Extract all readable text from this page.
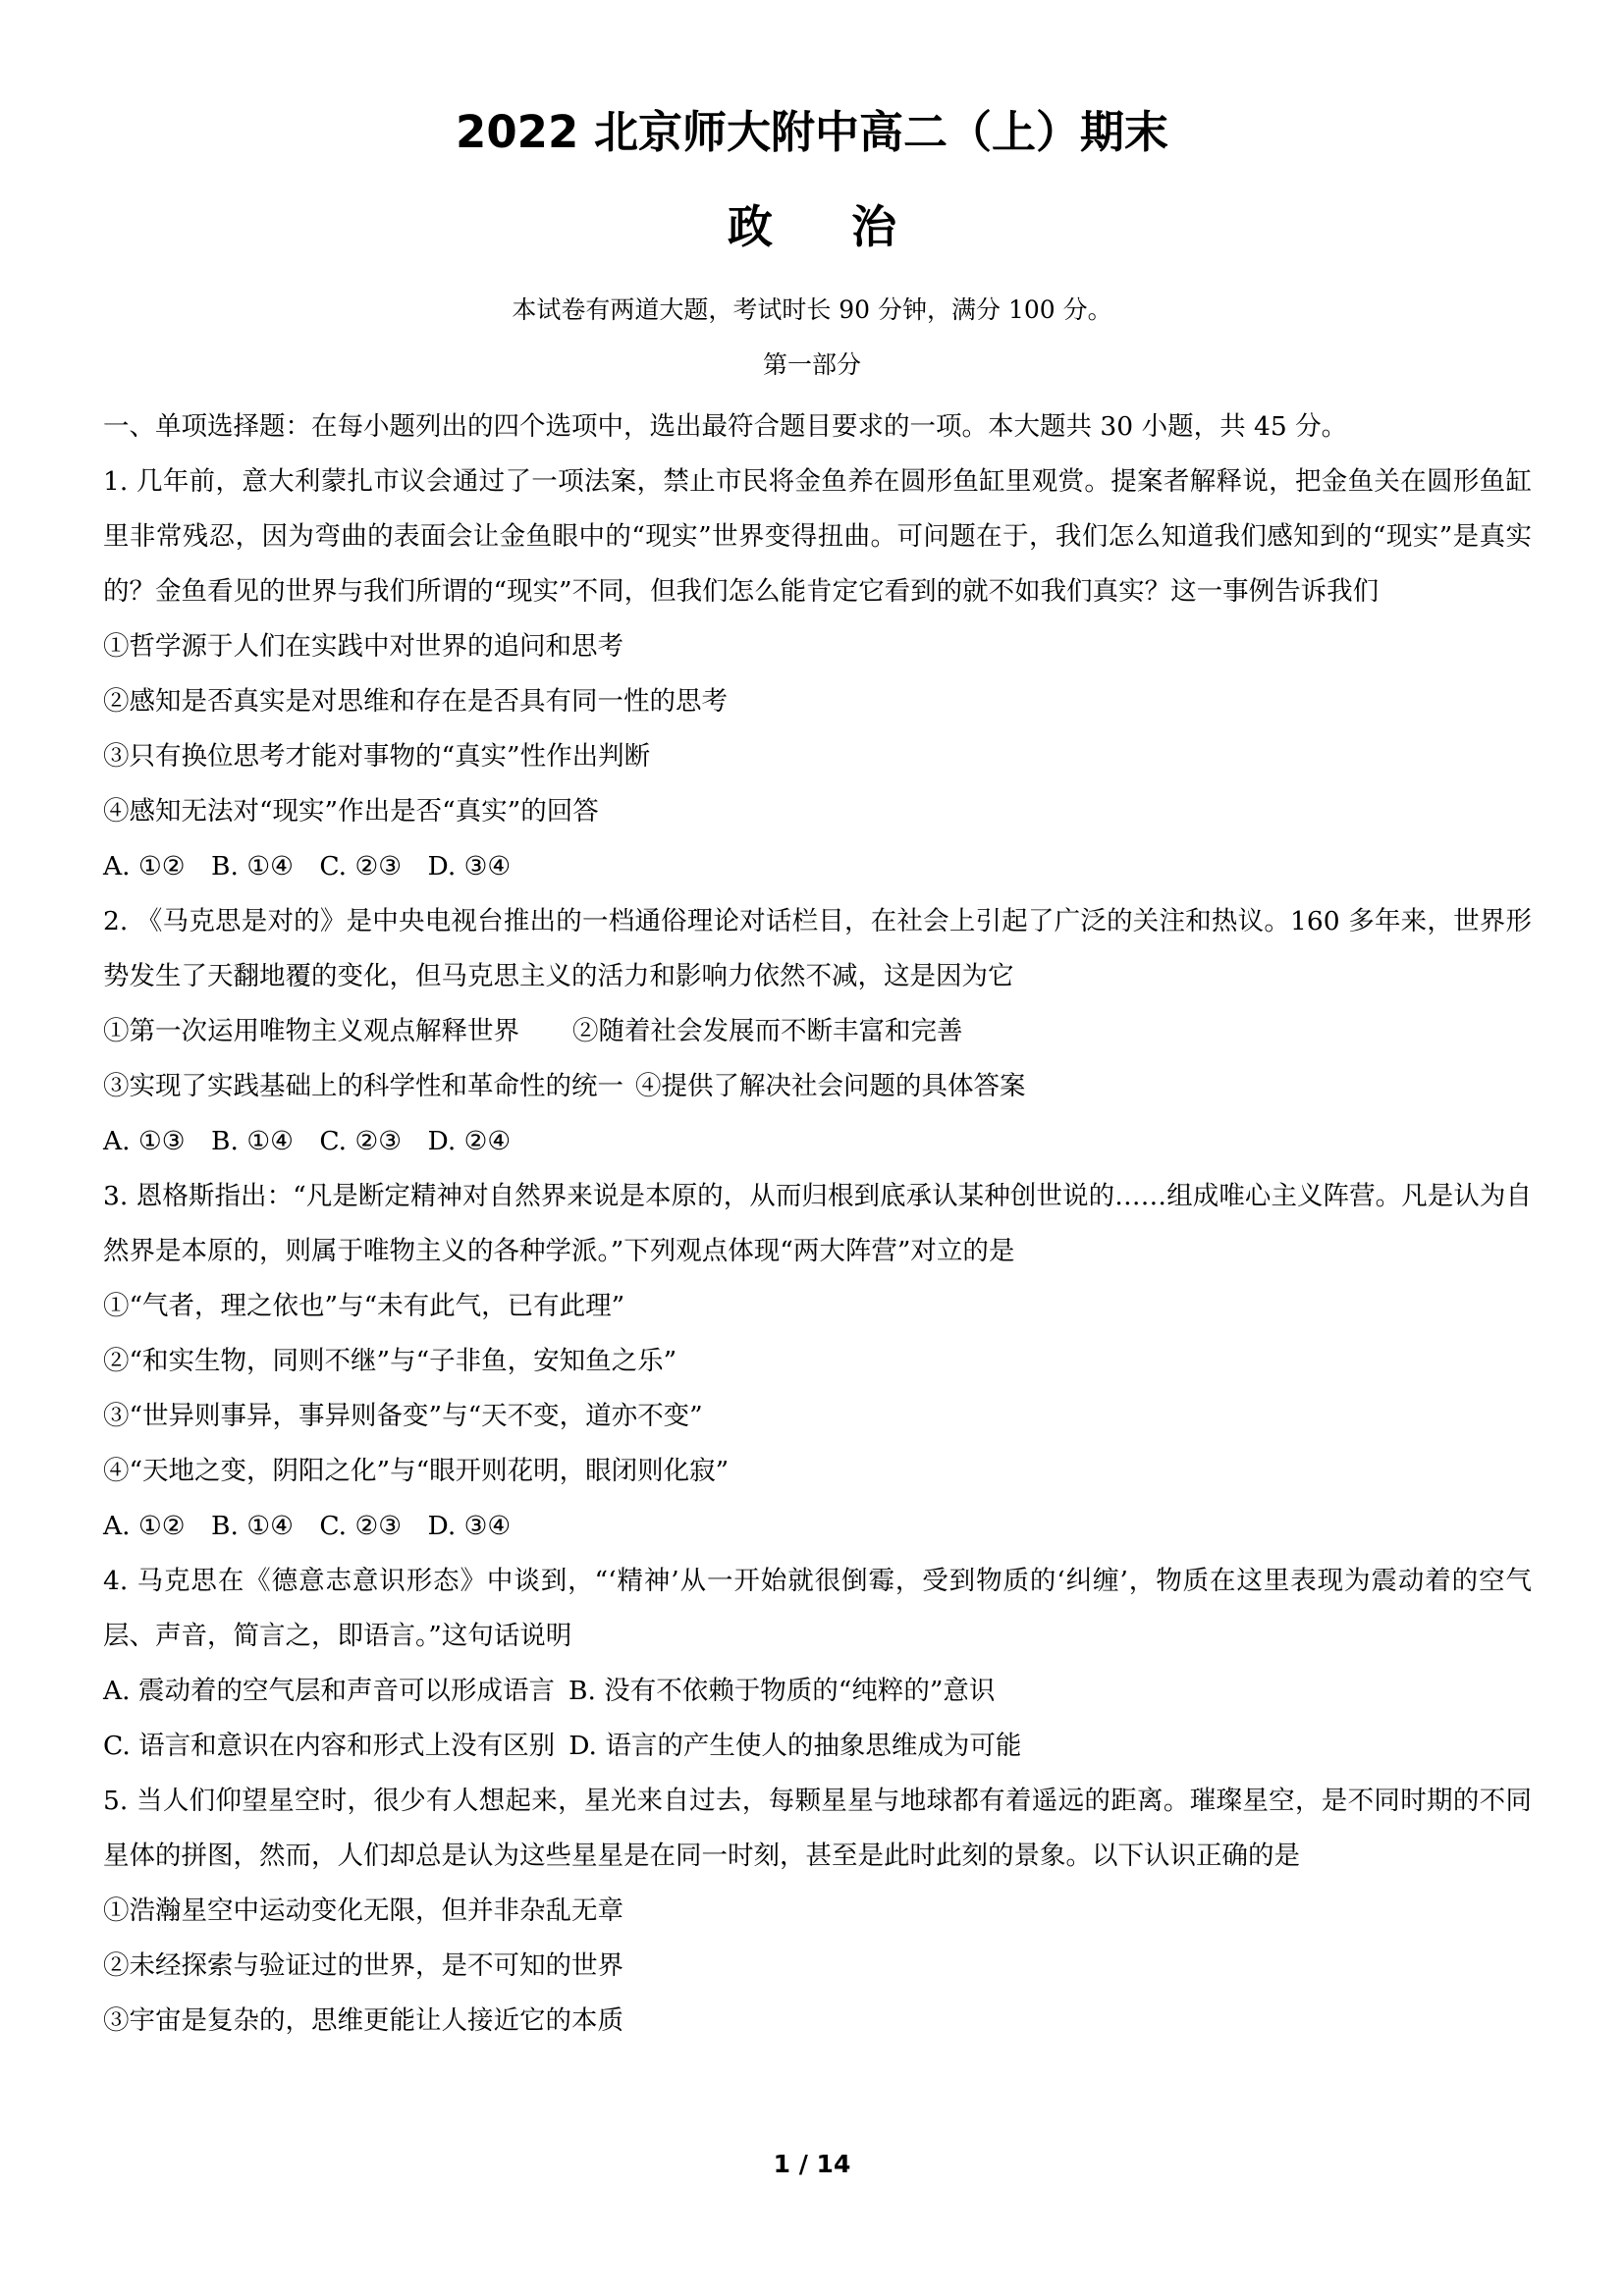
2022 北京师大附中高二（上）期末
政治
本试卷有两道大题，考试时长 90 分钟，满分 100 分。
第一部分

一、单项选择题：在每小题列出的四个选项中，选出最符合题目要求的一项。本大题共 30 小题，共 45 分。

1. 几年前，意大利蒙扎市议会通过了一项法案，禁止市民将金鱼养在圆形鱼缸里观赏。提案者解释说，把金鱼关在圆形鱼缸里非常残忍，因为弯曲的表面会让金鱼眼中的“现实”世界变得扭曲。可问题在于，我们怎么知道我们感知到的“现实”是真实的？金鱼看见的世界与我们所谓的“现实”不同，但我们怎么能肯定它看到的就不如我们真实？这一事例告诉我们

①哲学源于人们在实践中对世界的追问和思考

②感知是否真实是对思维和存在是否具有同一性的思考

③只有换位思考才能对事物的“真实”性作出判断

④感知无法对“现实”作出是否“真实”的回答

A. ①②　B. ①④　C. ②③　D. ③④

2. 《马克思是对的》是中央电视台推出的一档通俗理论对话栏目，在社会上引起了广泛的关注和热议。160 多年来，世界形势发生了天翻地覆的变化，但马克思主义的活力和影响力依然不减，这是因为它

①第一次运用唯物主义观点解释世界 ②随着社会发展而不断丰富和完善

③实现了实践基础上的科学性和革命性的统一 ④提供了解决社会问题的具体答案

A. ①③　B. ①④　C. ②③　D. ②④

3. 恩格斯指出：“凡是断定精神对自然界来说是本原的，从而归根到底承认某种创世说的……组成唯心主义阵营。凡是认为自然界是本原的，则属于唯物主义的各种学派。”下列观点体现“两大阵营”对立的是

①“气者，理之依也”与“未有此气，已有此理”

②“和实生物，同则不继”与“子非鱼，安知鱼之乐”

③“世异则事异，事异则备变”与“天不变，道亦不变”

④“天地之变，阴阳之化”与“眼开则花明，眼闭则化寂”

A. ①②　B. ①④　C. ②③　D. ③④

4. 马克思在《德意志意识形态》中谈到，“‘精神’从一开始就很倒霉，受到物质的‘纠缠’，物质在这里表现为震动着的空气层、声音，简言之，即语言。”这句话说明

A. 震动着的空气层和声音可以形成语言 B. 没有不依赖于物质的“纯粹的”意识

C. 语言和意识在内容和形式上没有区别 D. 语言的产生使人的抽象思维成为可能

5. 当人们仰望星空时，很少有人想起来，星光来自过去，每颗星星与地球都有着遥远的距离。璀璨星空，是不同时期的不同星体的拼图，然而，人们却总是认为这些星星是在同一时刻，甚至是此时此刻的景象。以下认识正确的是

①浩瀚星空中运动变化无限，但并非杂乱无章

②未经探索与验证过的世界，是不可知的世界

③宇宙是复杂的，思维更能让人接近它的本质

1 / 14
